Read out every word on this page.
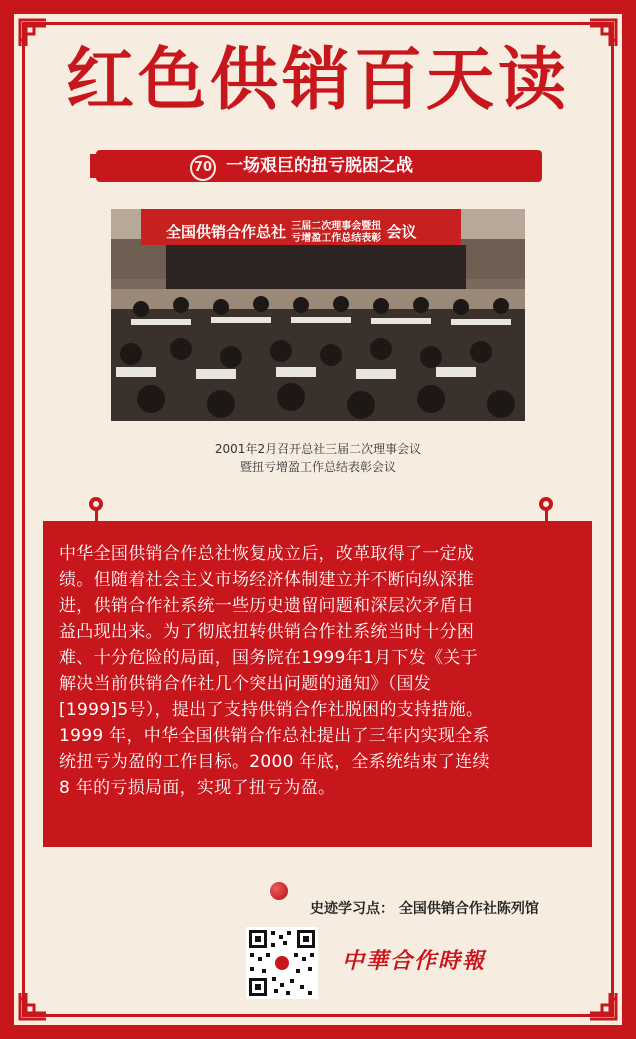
红色供销百天读
70 一场艰巨的扭亏脱困之战
全国供销合作总社 三届二次理事会暨扭
亏增盈工作总结表彰 会议
2001年2月召开总社三届二次理事会议
暨扭亏增盈工作总结表彰会议
中华全国供销合作总社恢复成立后，改革取得了一定成
绩。但随着社会主义市场经济体制建立并不断向纵深推
进，供销合作社系统一些历史遗留问题和深层次矛盾日
益凸现出来。为了彻底扭转供销合作社系统当时十分困
难、十分危险的局面，国务院在1999年1月下发《关于
解决当前供销合作社几个突出问题的通知》（国发
[1999]5号），提出了支持供销合作社脱困的支持措施。
1999 年，中华全国供销合作总社提出了三年内实现全系
统扭亏为盈的工作目标。2000 年底，全系统结束了连续
8 年的亏损局面，实现了扭亏为盈。
史迹学习点： 全国供销合作社陈列馆
中華合作時報
